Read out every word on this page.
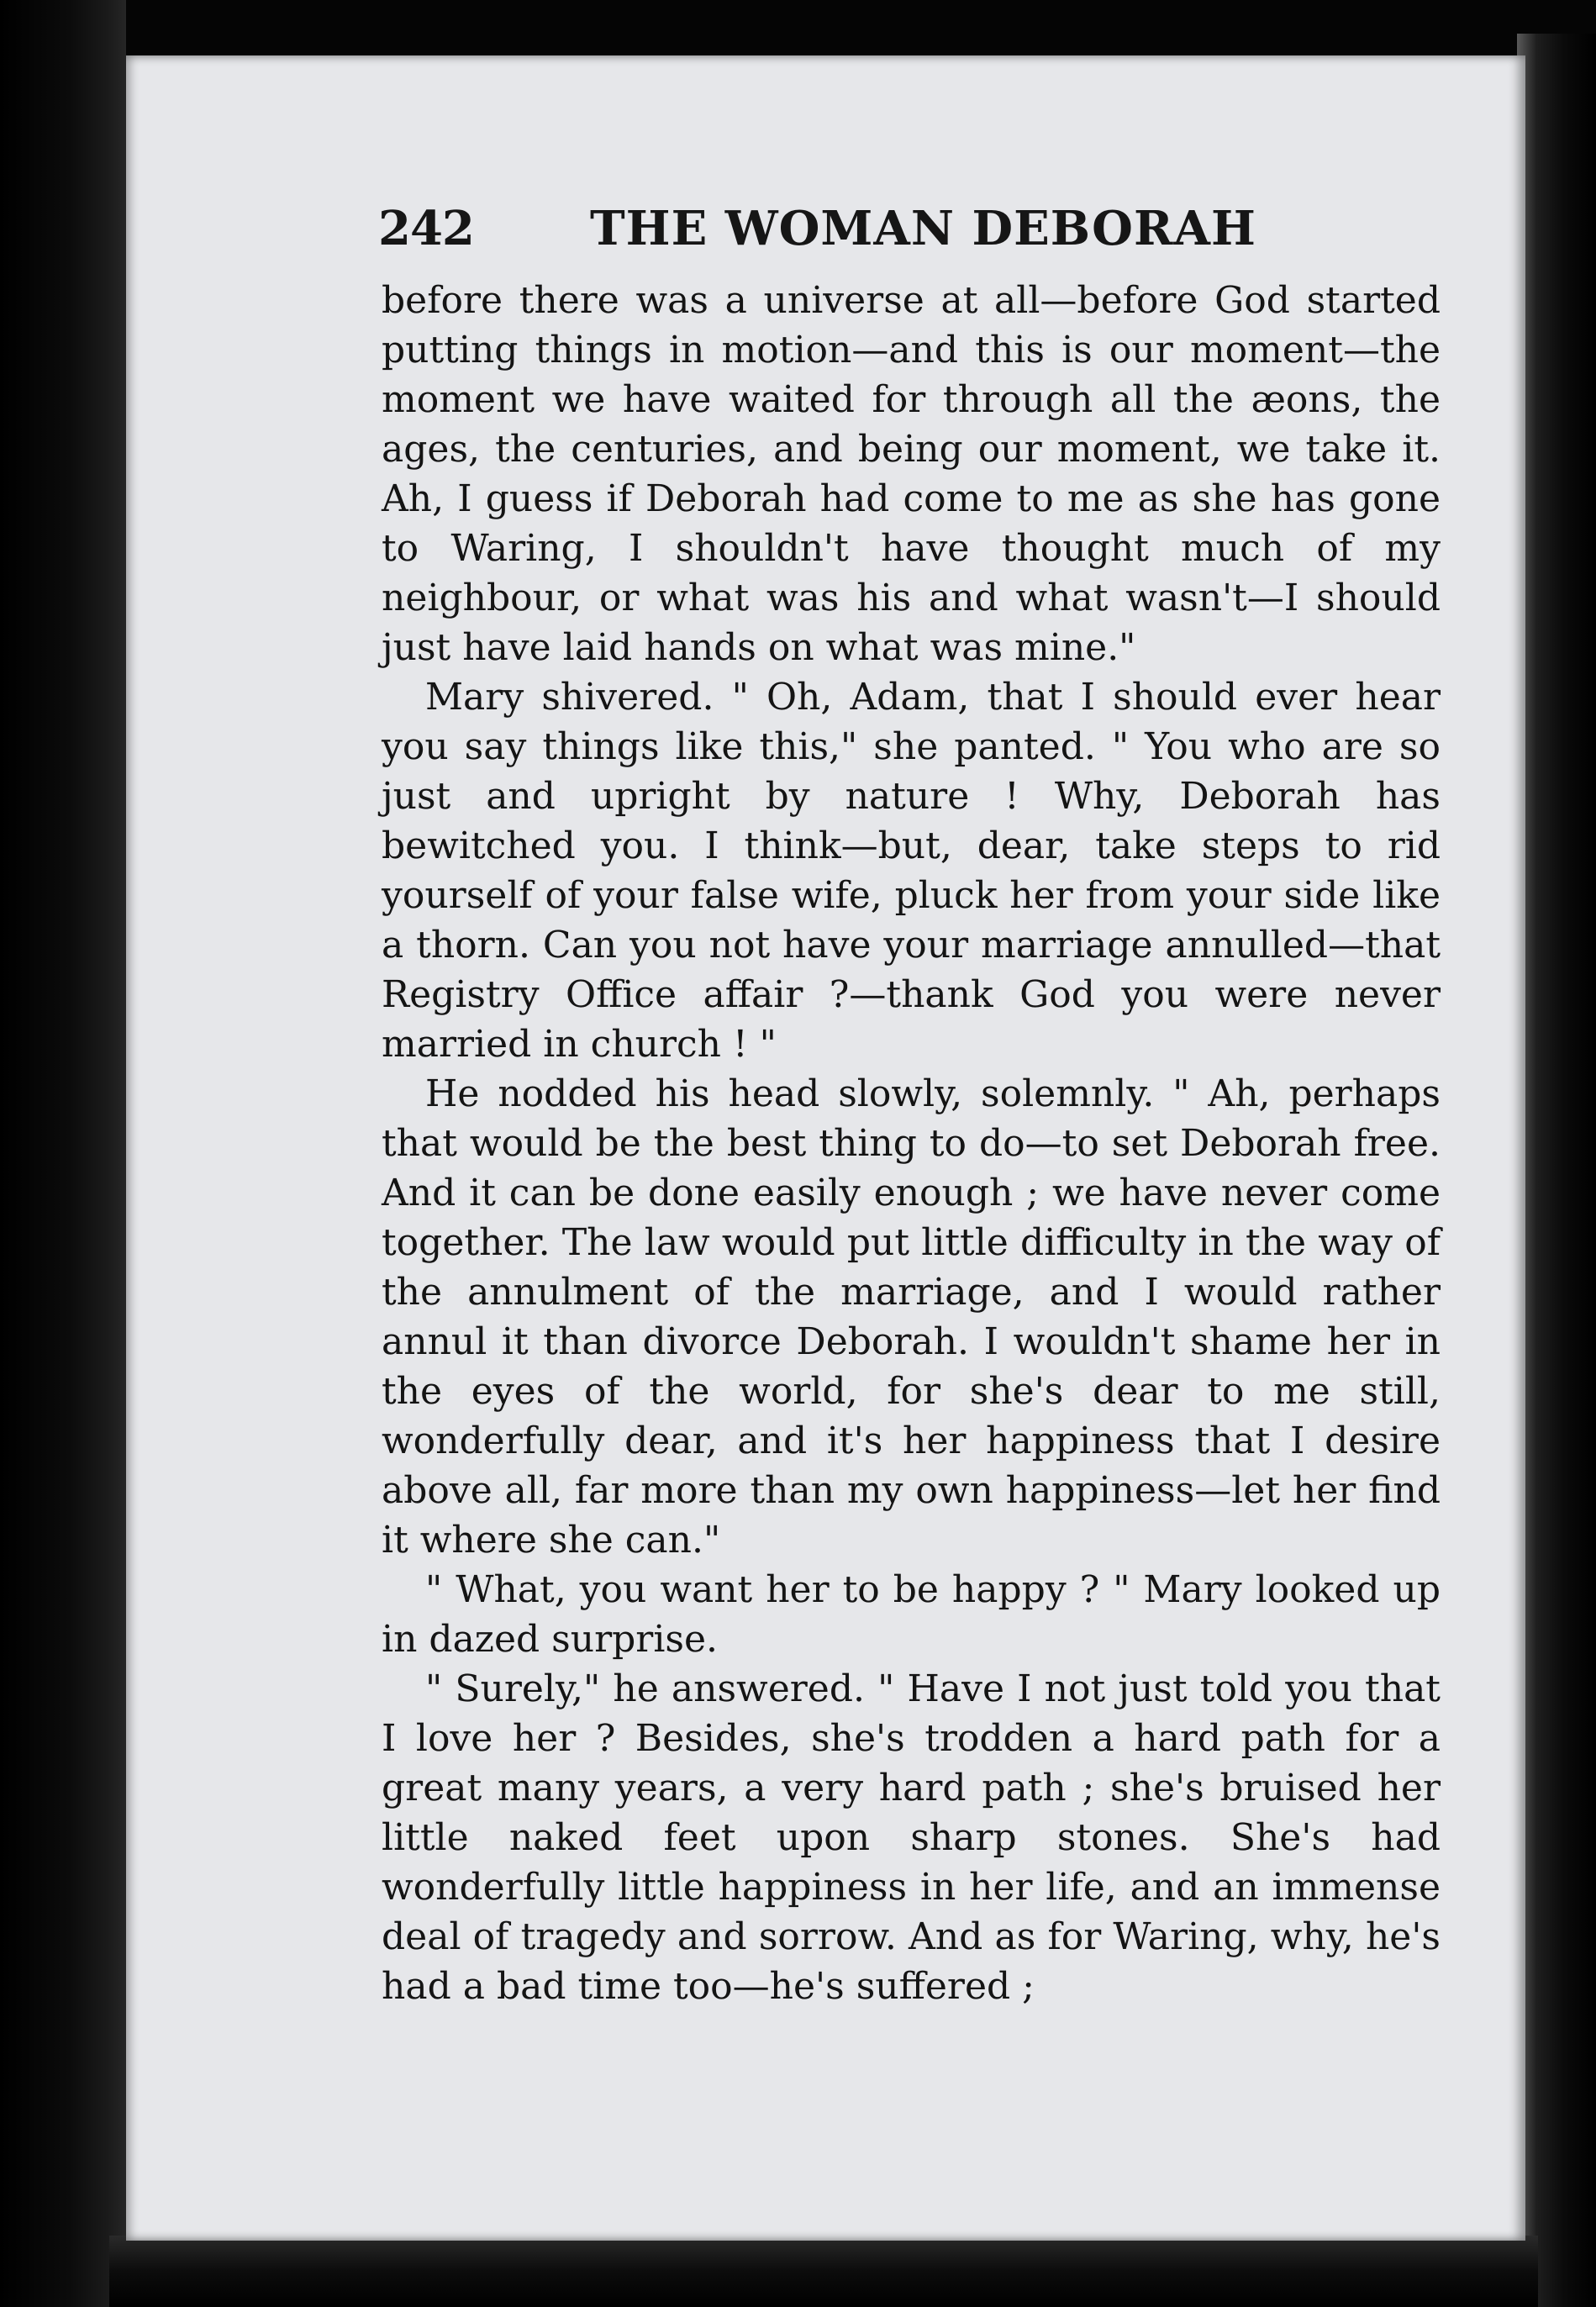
242 THE WOMAN DEBORAH

before there was a universe at all—before God started putting things in motion—and this is our moment—the moment we have waited for through all the æons, the ages, the centuries, and being our moment, we take it. Ah, I guess if Deborah had come to me as she has gone to Waring, I shouldn't have thought much of my neighbour, or what was his and what wasn't—I should just have laid hands on what was mine."

Mary shivered. " Oh, Adam, that I should ever hear you say things like this," she panted. " You who are so just and upright by nature ! Why, Deborah has bewitched you. I think—but, dear, take steps to rid yourself of your false wife, pluck her from your side like a thorn. Can you not have your marriage annulled—that Registry Office affair ?—thank God you were never married in church ! "

He nodded his head slowly, solemnly. " Ah, perhaps that would be the best thing to do—to set Deborah free. And it can be done easily enough ; we have never come together. The law would put little difficulty in the way of the annulment of the marriage, and I would rather annul it than divorce Deborah. I wouldn't shame her in the eyes of the world, for she's dear to me still, wonderfully dear, and it's her happiness that I desire above all, far more than my own happiness—let her find it where she can."

" What, you want her to be happy ? " Mary looked up in dazed surprise.

" Surely," he answered. " Have I not just told you that I love her ? Besides, she's trodden a hard path for a great many years, a very hard path ; she's bruised her little naked feet upon sharp stones. She's had wonderfully little happiness in her life, and an immense deal of tragedy and sorrow. And as for Waring, why, he's had a bad time too—he's suffered ;
